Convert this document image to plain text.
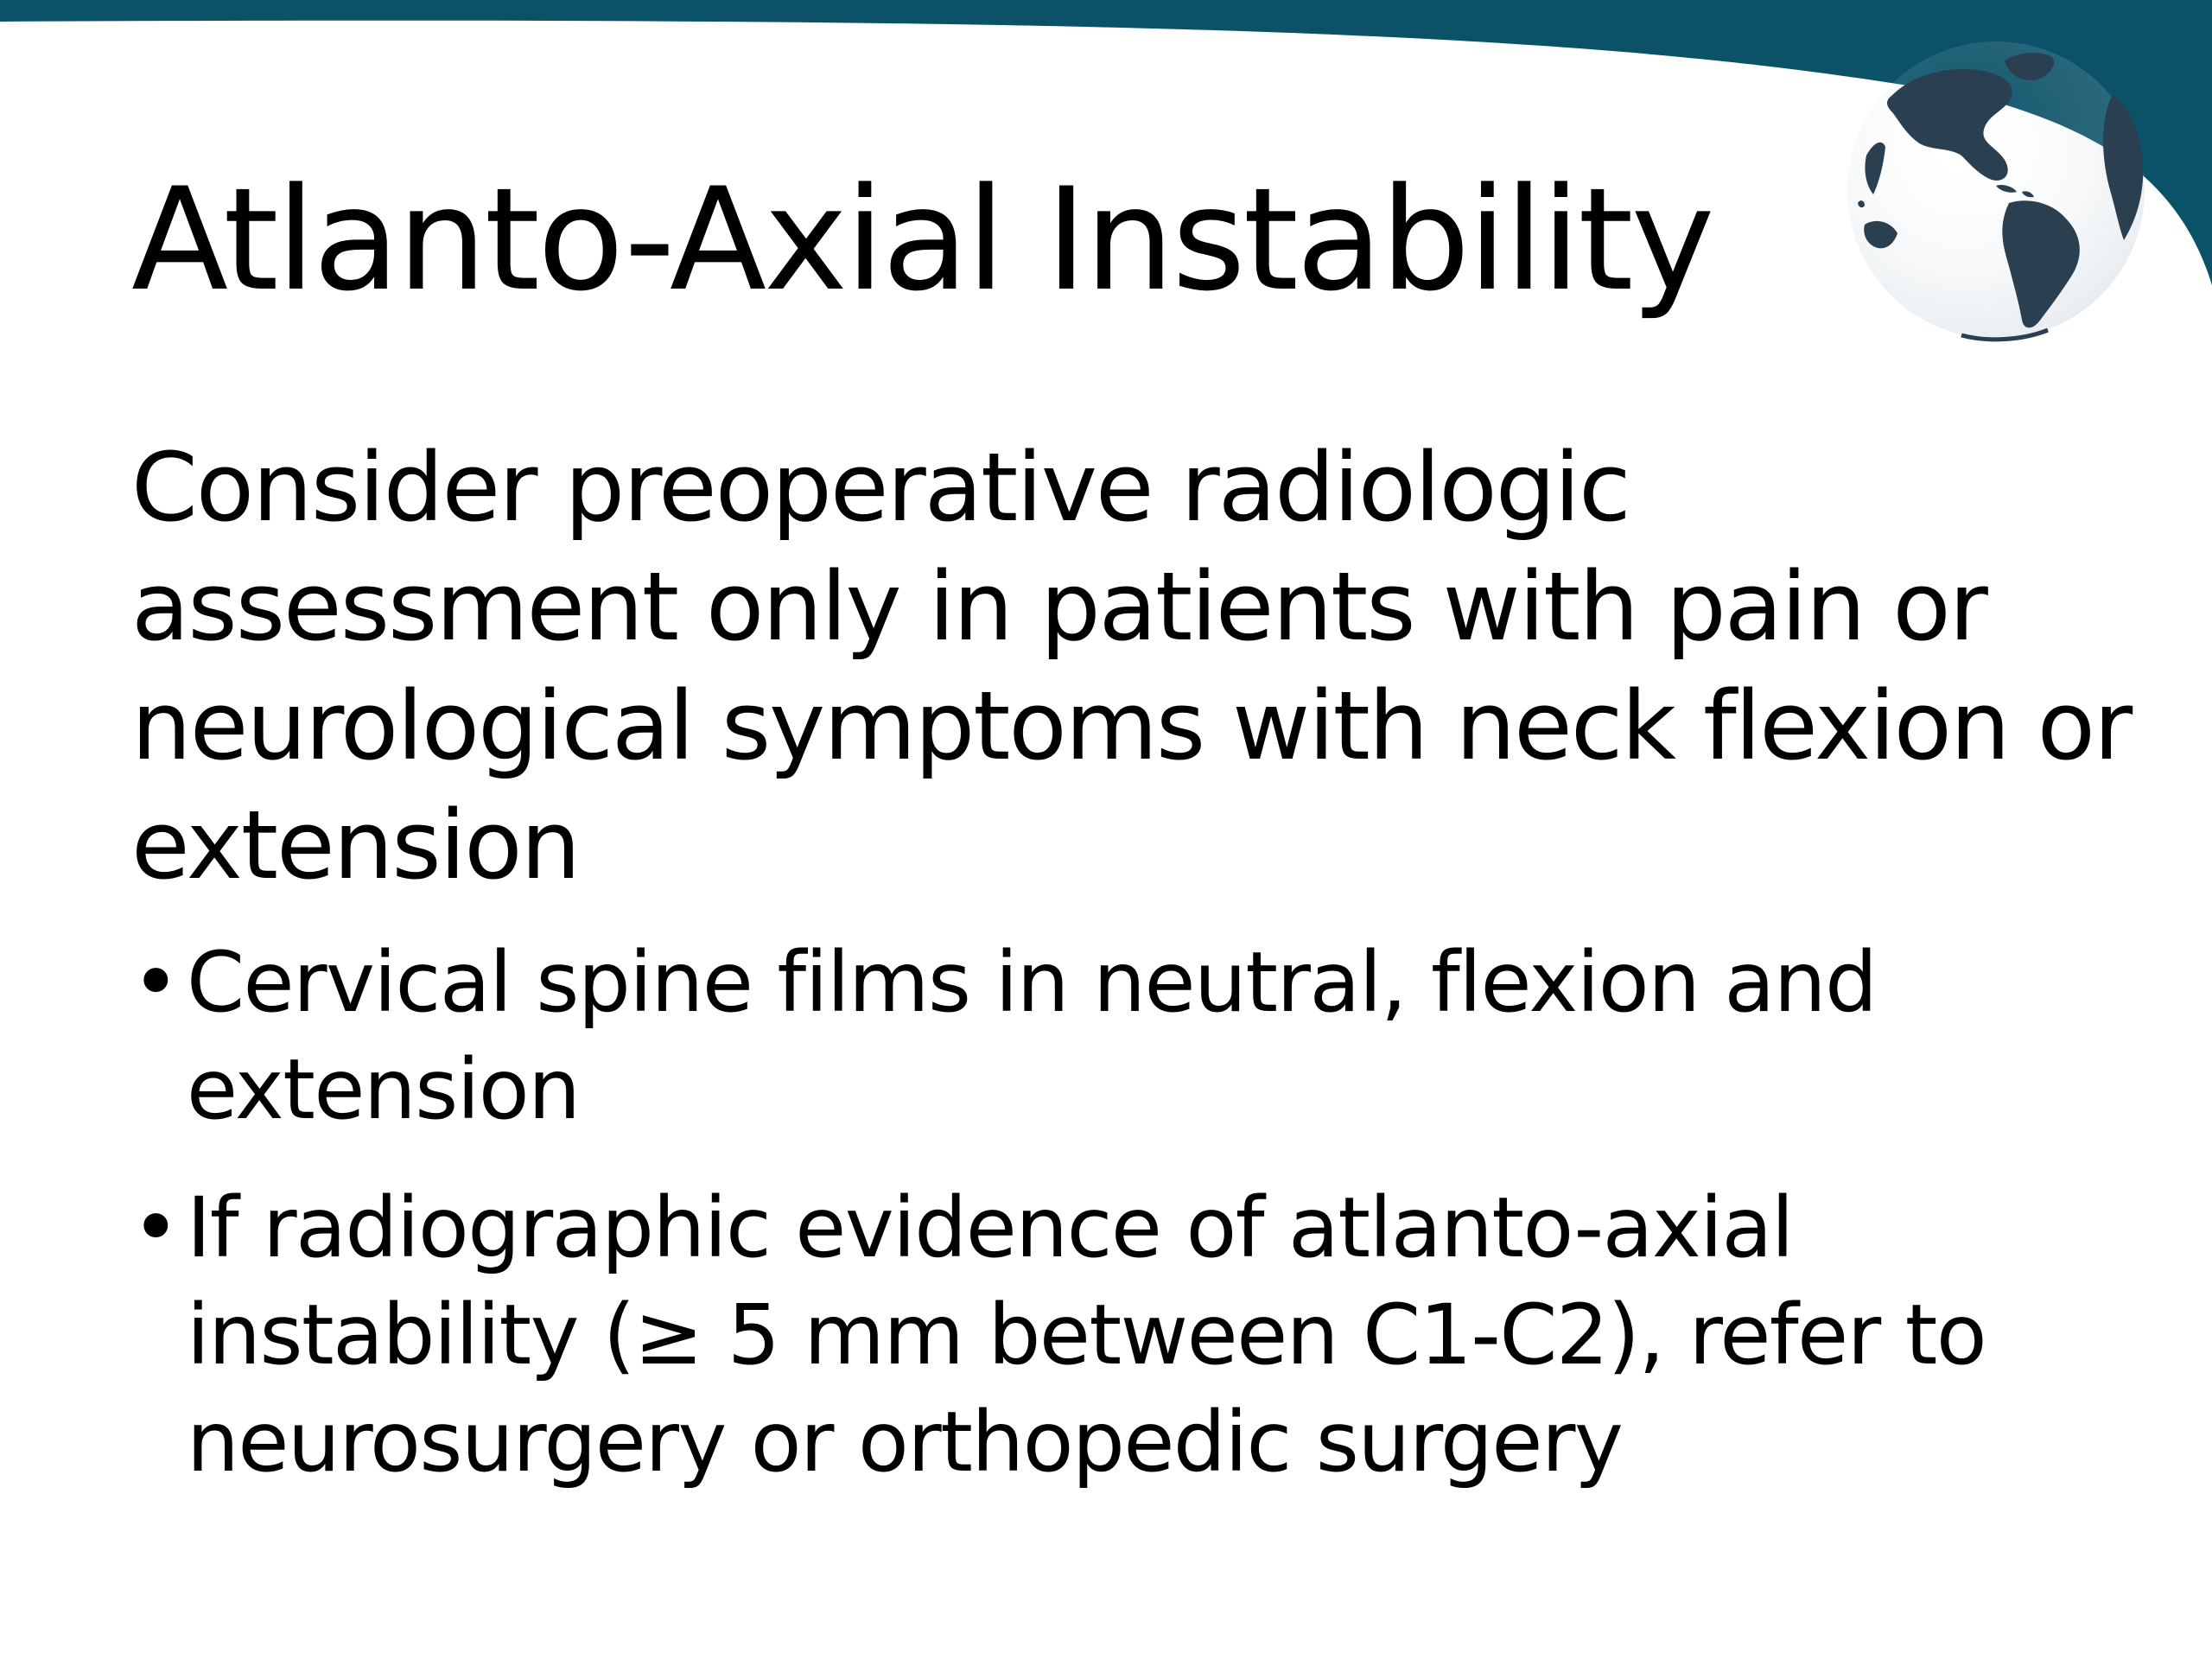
Atlanto-Axial Instability

Consider preoperative radiologic assessment only in patients with pain or neurological symptoms with neck flexion or extension

• Cervical spine films in neutral, flexion and extension
• If radiographic evidence of atlanto-axial instability (≥ 5 mm between C1-C2), refer to neurosurgery or orthopedic surgery
